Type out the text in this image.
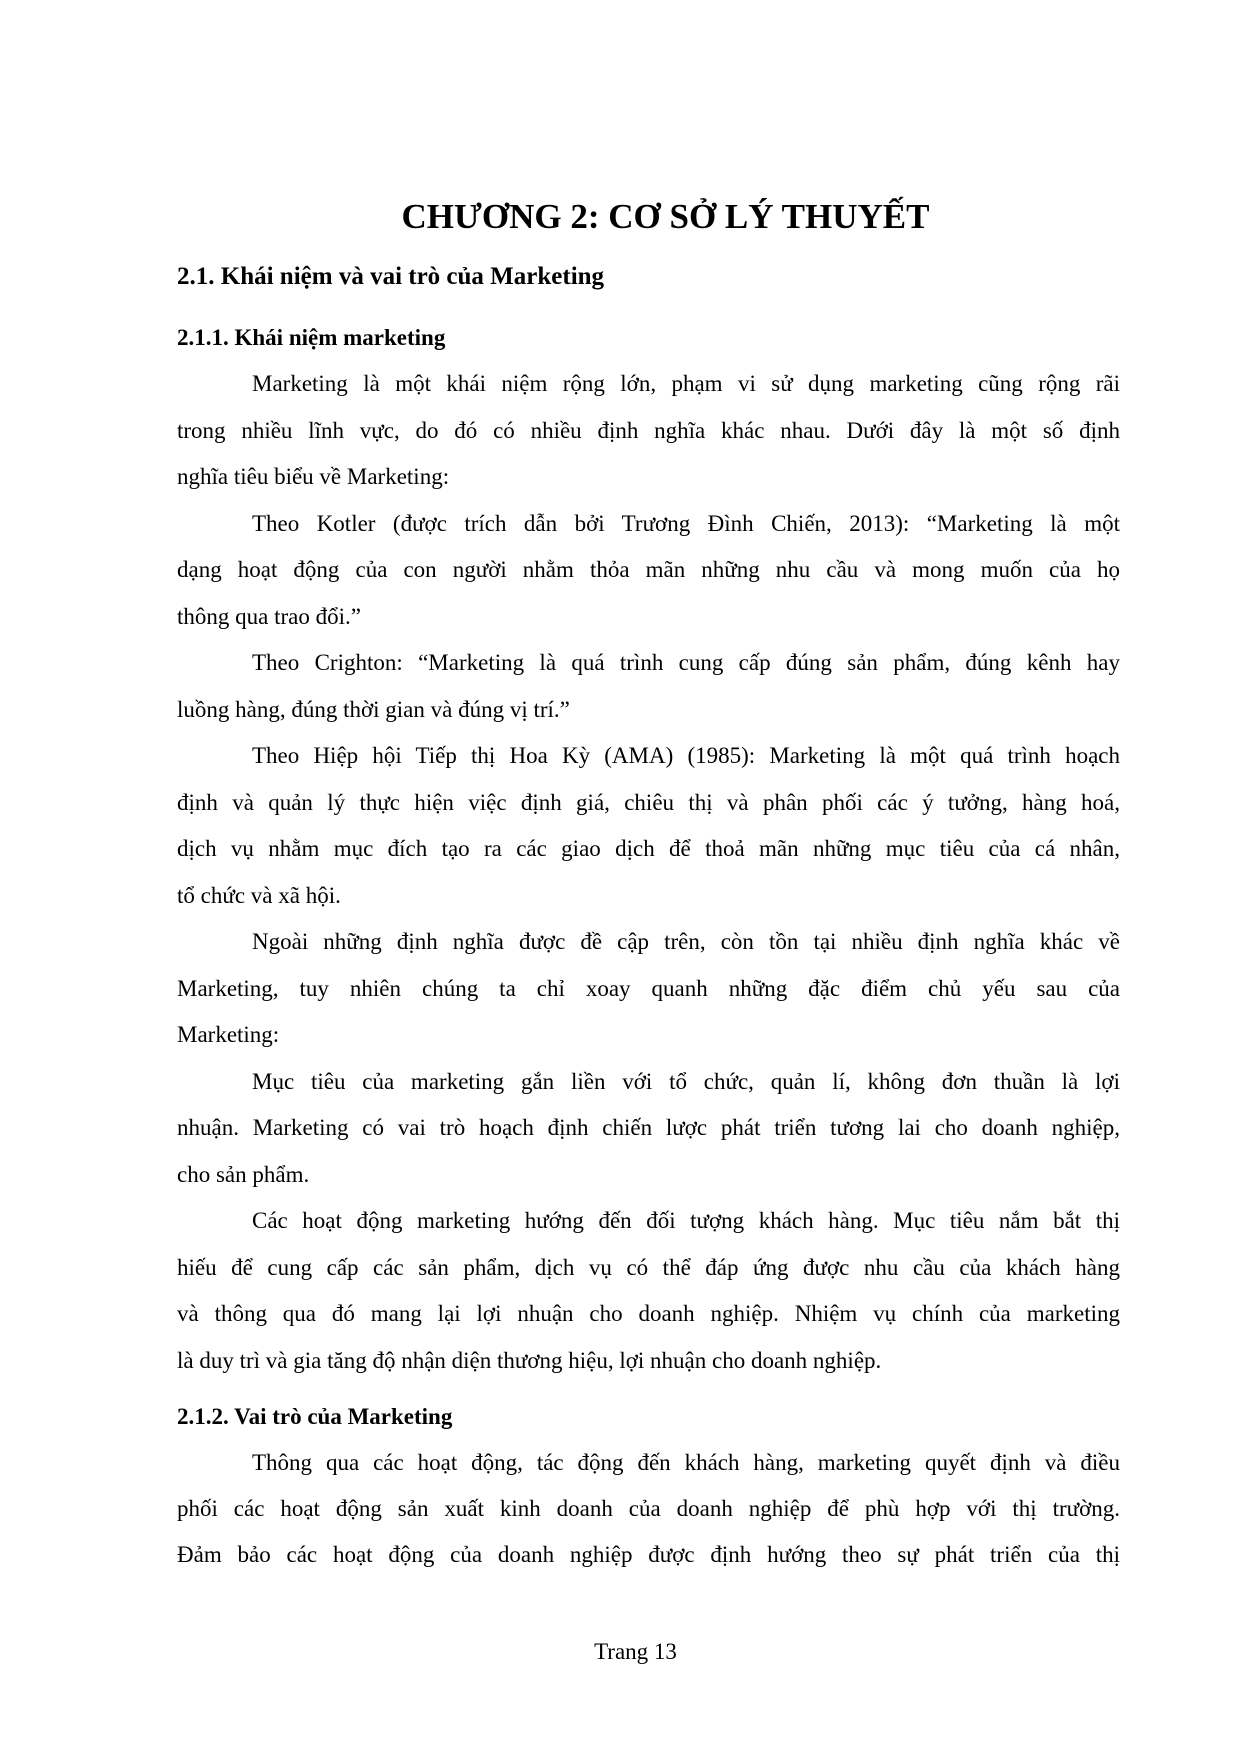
CHƯƠNG 2: CƠ SỞ LÝ THUYẾT
2.1. Khái niệm và vai trò của Marketing
2.1.1. Khái niệm marketing
Marketing là một khái niệm rộng lớn, phạm vi sử dụng marketing cũng rộng rãi
trong nhiều lĩnh vực, do đó có nhiều định nghĩa khác nhau. Dưới đây là một số định
nghĩa tiêu biểu về Marketing:
Theo Kotler (được trích dẫn bởi Trương Đình Chiến, 2013): “Marketing là một
dạng hoạt động của con người nhằm thỏa mãn những nhu cầu và mong muốn của họ
thông qua trao đổi.”
Theo Crighton: “Marketing là quá trình cung cấp đúng sản phẩm, đúng kênh hay
luồng hàng, đúng thời gian và đúng vị trí.”
Theo Hiệp hội Tiếp thị Hoa Kỳ (AMA) (1985): Marketing là một quá trình hoạch
định và quản lý thực hiện việc định giá, chiêu thị và phân phối các ý tưởng, hàng hoá,
dịch vụ nhằm mục đích tạo ra các giao dịch để thoả mãn những mục tiêu của cá nhân,
tổ chức và xã hội.
Ngoài những định nghĩa được đề cập trên, còn tồn tại nhiều định nghĩa khác về
Marketing, tuy nhiên chúng ta chỉ xoay quanh những đặc điểm chủ yếu sau của
Marketing:
Mục tiêu của marketing gắn liền với tổ chức, quản lí, không đơn thuần là lợi
nhuận. Marketing có vai trò hoạch định chiến lược phát triển tương lai cho doanh nghiệp,
cho sản phẩm.
Các hoạt động marketing hướng đến đối tượng khách hàng. Mục tiêu nắm bắt thị
hiếu để cung cấp các sản phẩm, dịch vụ có thể đáp ứng được nhu cầu của khách hàng
và thông qua đó mang lại lợi nhuận cho doanh nghiệp. Nhiệm vụ chính của marketing
là duy trì và gia tăng độ nhận diện thương hiệu, lợi nhuận cho doanh nghiệp.
2.1.2. Vai trò của Marketing
Thông qua các hoạt động, tác động đến khách hàng, marketing quyết định và điều
phối các hoạt động sản xuất kinh doanh của doanh nghiệp để phù hợp với thị trường.
Đảm bảo các hoạt động của doanh nghiệp được định hướng theo sự phát triển của thị
Trang 13
